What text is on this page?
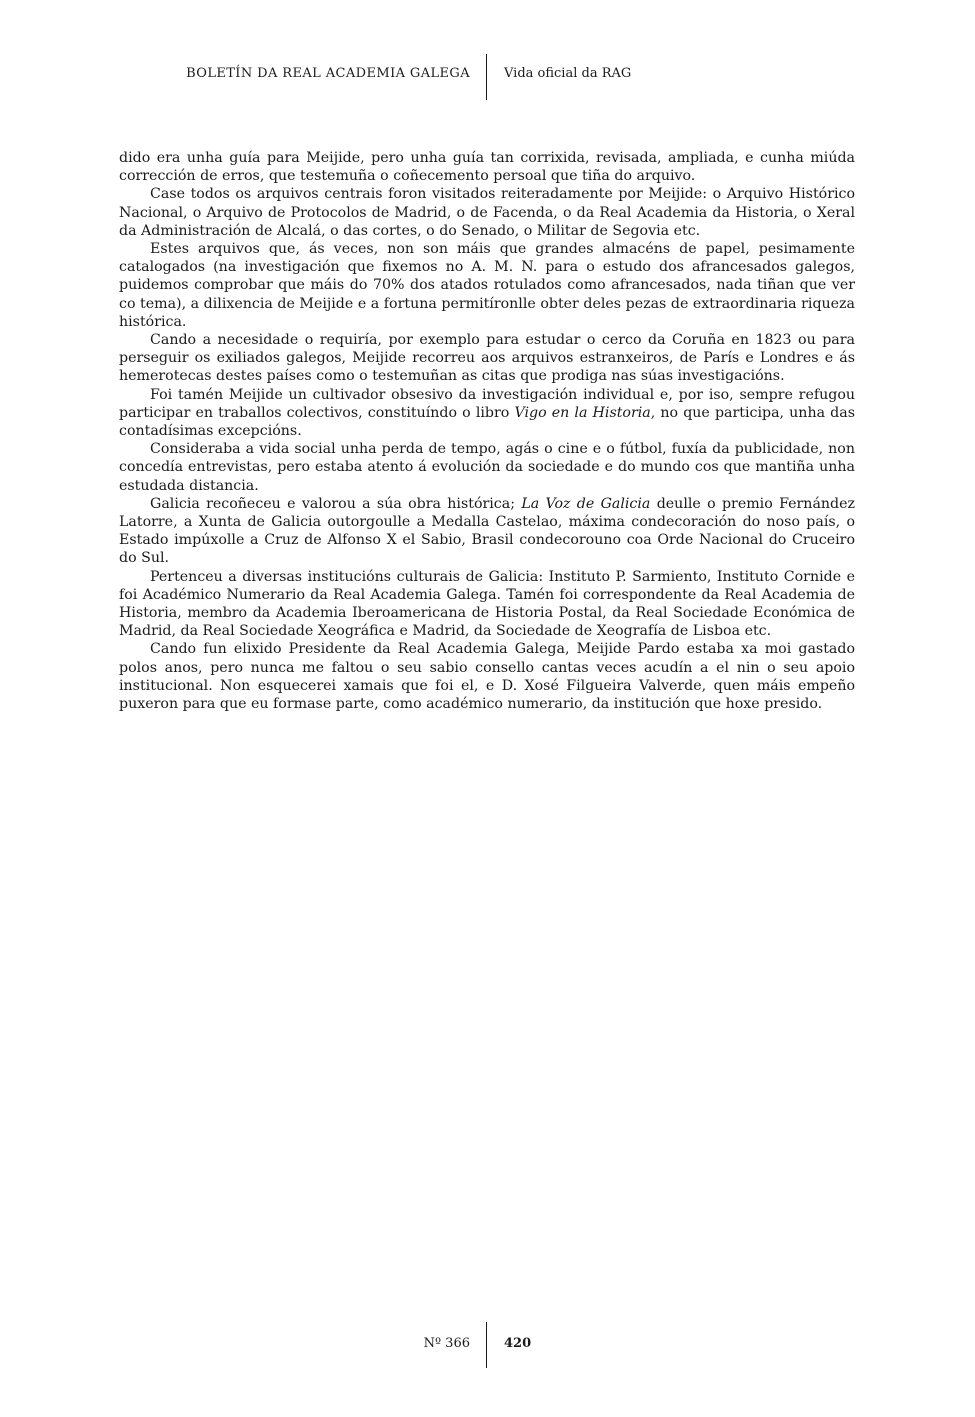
BOLETÍN DA REAL ACADEMIA GALEGA	Vida oficial da RAG

dido era unha guía para Meijide, pero unha guía tan corrixida, revisada, ampliada, e cunha miúda corrección de erros, que testemuña o coñecemento persoal que tiña do arquivo.

Case todos os arquivos centrais foron visitados reiteradamente por Meijide: o Arquivo Histórico Nacional, o Arquivo de Protocolos de Madrid, o de Facenda, o da Real Academia da Historia, o Xeral da Administración de Alcalá, o das cortes, o do Senado, o Militar de Segovia etc.

Estes arquivos que, ás veces, non son máis que grandes almacéns de papel, pesimamente catalogados (na investigación que fixemos no A. M. N. para o estudo dos afrancesados galegos, puidemos comprobar que máis do 70% dos atados rotulados como afrancesados, nada tiñan que ver co tema), a dilixencia de Meijide e a fortuna permitíronlle obter deles pezas de extraordinaria riqueza histórica.

Cando a necesidade o requiría, por exemplo para estudar o cerco da Coruña en 1823 ou para perseguir os exiliados galegos, Meijide recorreu aos arquivos estranxeiros, de París e Londres e ás hemerotecas destes países como o testemuñan as citas que prodiga nas súas investigacións.

Foi tamén Meijide un cultivador obsesivo da investigación individual e, por iso, sempre refugou participar en traballos colectivos, constituíndo o libro Vigo en la Historia, no que participa, unha das contadísimas excepcións.

Consideraba a vida social unha perda de tempo, agás o cine e o fútbol, fuxía da publicidade, non concedía entrevistas, pero estaba atento á evolución da sociedade e do mundo cos que mantiña unha estudada distancia.

Galicia recoñeceu e valorou a súa obra histórica; La Voz de Galicia deulle o premio Fernández Latorre, a Xunta de Galicia outorgoulle a Medalla Castelao, máxima condecoración do noso país, o Estado impúxolle a Cruz de Alfonso X el Sabio, Brasil condecorouno coa Orde Nacional do Cruceiro do Sul.

Pertenceu a diversas institucións culturais de Galicia: Instituto P. Sarmiento, Instituto Cornide e foi Académico Numerario da Real Academia Galega. Tamén foi correspondente da Real Academia de Historia, membro da Academia Iberoamericana de Historia Postal, da Real Sociedade Económica de Madrid, da Real Sociedade Xeográfica e Madrid, da Sociedade de Xeografía de Lisboa etc.

Cando fun elixido Presidente da Real Academia Galega, Meijide Pardo estaba xa moi gastado polos anos, pero nunca me faltou o seu sabio consello cantas veces acudín a el nin o seu apoio institucional. Non esquecerei xamais que foi el, e D. Xosé Filgueira Valverde, quen máis empeño puxeron para que eu formase parte, como académico numerario, da institución que hoxe presido.

Nº 366	420
